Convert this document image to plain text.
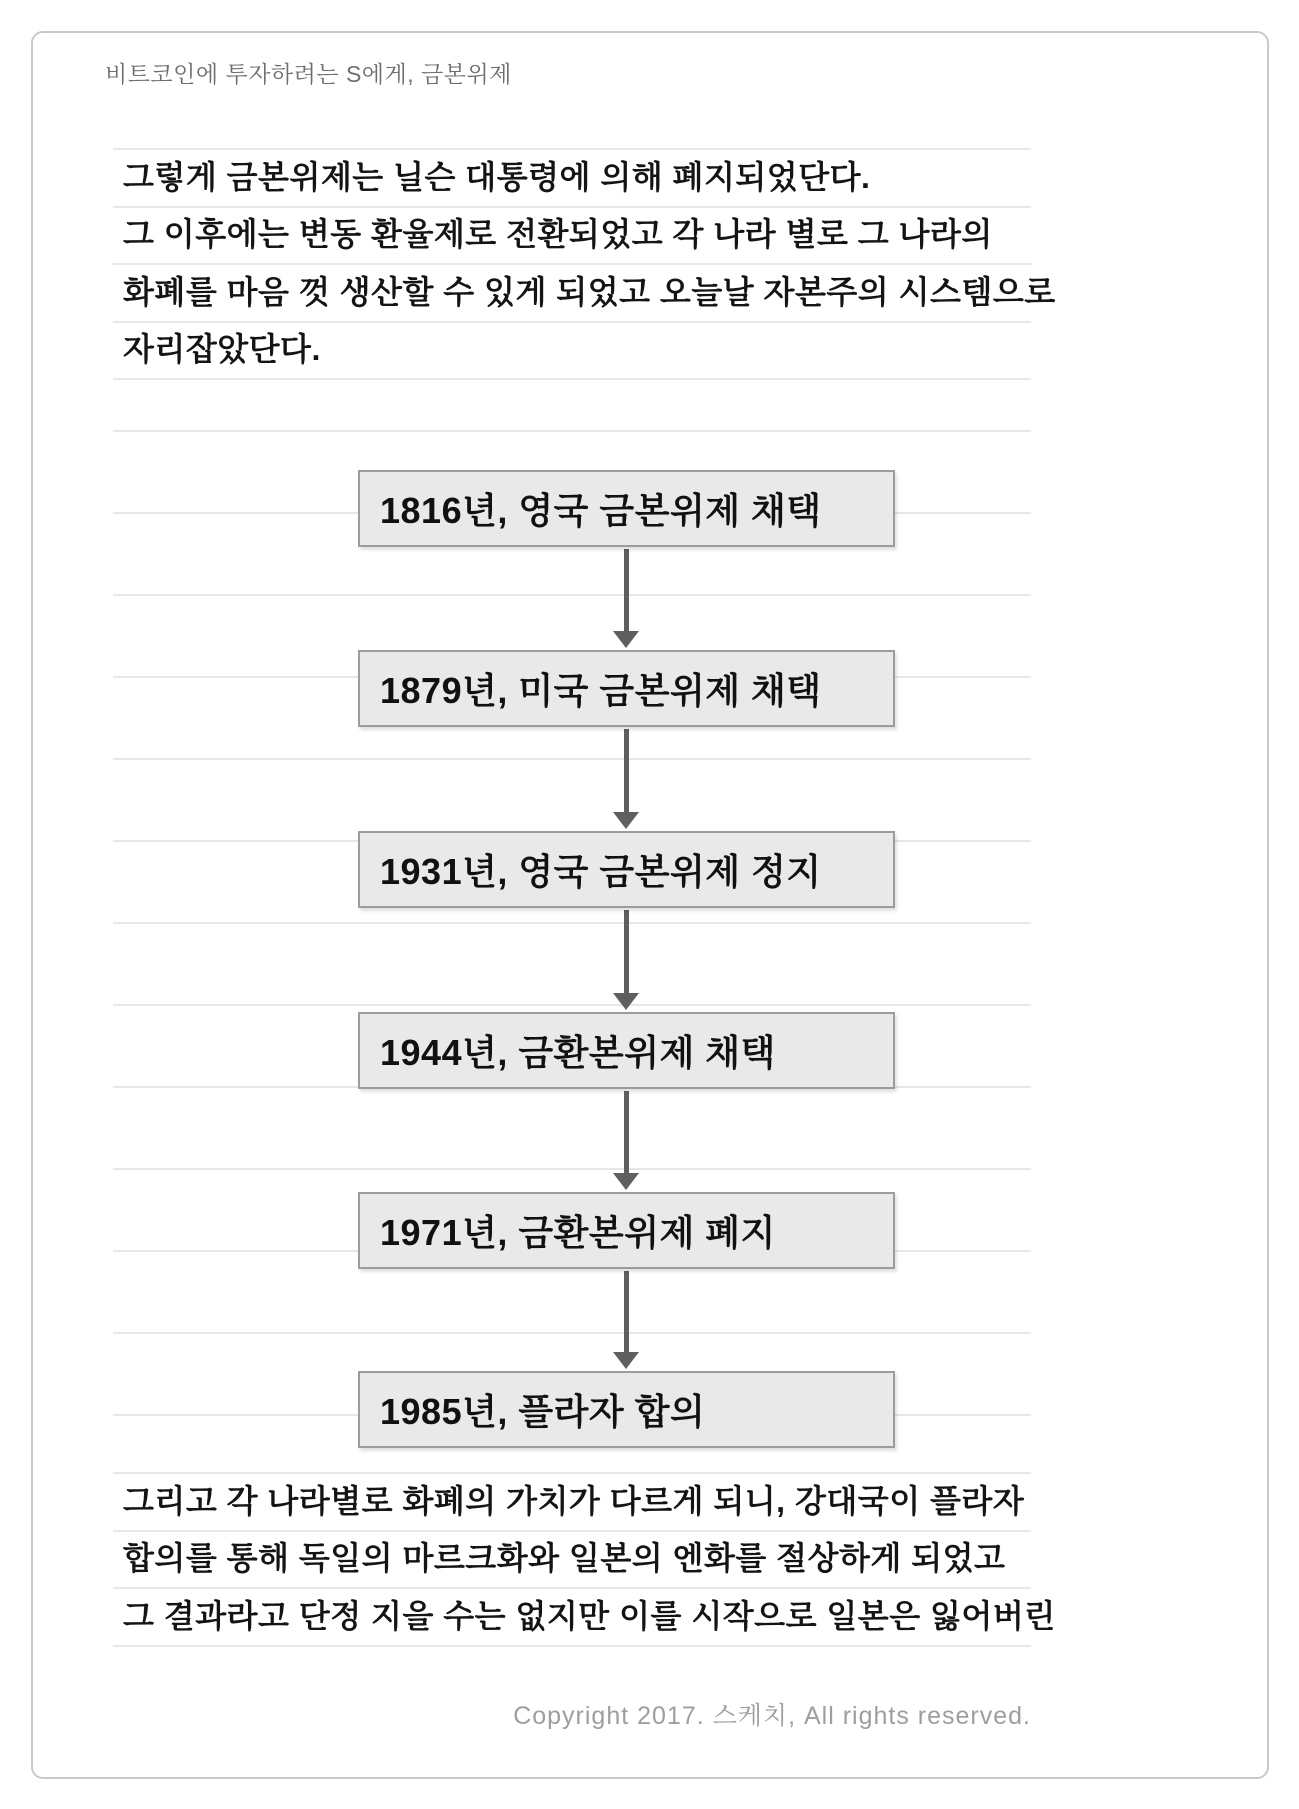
비트코인에 투자하려는 S에게, 금본위제
그렇게 금본위제는 닐슨 대통령에 의해 폐지되었단다.
그 이후에는 변동 환율제로 전환되었고 각 나라 별로 그 나라의
화폐를 마음 껏 생산할 수 있게 되었고 오늘날 자본주의 시스템으로
자리잡았단다.
1816년, 영국 금본위제 채택
1879년, 미국 금본위제 채택
1931년, 영국 금본위제 정지
1944년, 금환본위제 채택
1971년, 금환본위제 폐지
1985년, 플라자 합의
그리고 각 나라별로 화폐의 가치가 다르게 되니, 강대국이 플라자
합의를 통해 독일의 마르크화와 일본의 엔화를 절상하게 되었고
그 결과라고 단정 지을 수는 없지만 이를 시작으로 일본은 잃어버린
Copyright 2017. 스케치, All rights reserved.
